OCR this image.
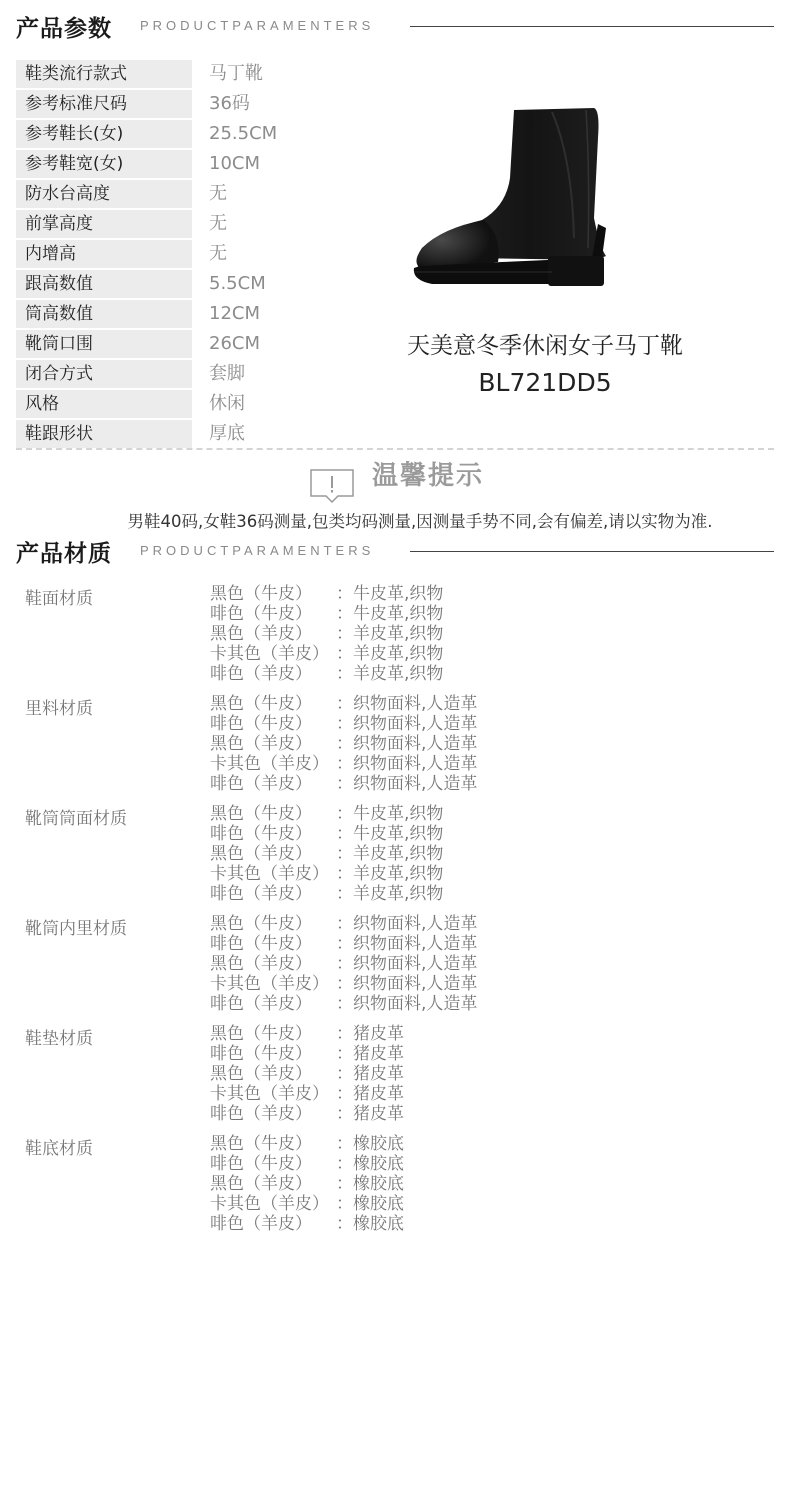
产品参数 PRODUCTPARAMENTERS
鞋类流行款式	马丁靴
参考标准尺码	36码
参考鞋长(女)	25.5CM
参考鞋宽(女)	10CM
防水台高度	无
前掌高度	无
内增高	无
跟高数值	5.5CM
筒高数值	12CM
靴筒口围	26CM
闭合方式	套脚
风格	休闲
鞋跟形状	厚底
天美意冬季休闲女子马丁靴
BL721DD5
温馨提示
男鞋40码,女鞋36码测量,包类均码测量,因测量手势不同,会有偏差,请以实物为准.
产品材质 PRODUCTPARAMENTERS
鞋面材质	黑色（牛皮） ：牛皮革,织物
啡色（牛皮） ：牛皮革,织物
黑色（羊皮） ：羊皮革,织物
卡其色（羊皮） ：羊皮革,织物
啡色（羊皮） ：羊皮革,织物
里料材质	黑色（牛皮） ：织物面料,人造革
啡色（牛皮） ：织物面料,人造革
黑色（羊皮） ：织物面料,人造革
卡其色（羊皮） ：织物面料,人造革
啡色（羊皮） ：织物面料,人造革
靴筒筒面材质	黑色（牛皮） ：牛皮革,织物
啡色（牛皮） ：牛皮革,织物
黑色（羊皮） ：羊皮革,织物
卡其色（羊皮） ：羊皮革,织物
啡色（羊皮） ：羊皮革,织物
靴筒内里材质	黑色（牛皮） ：织物面料,人造革
啡色（牛皮） ：织物面料,人造革
黑色（羊皮） ：织物面料,人造革
卡其色（羊皮） ：织物面料,人造革
啡色（羊皮） ：织物面料,人造革
鞋垫材质	黑色（牛皮） ：猪皮革
啡色（牛皮） ：猪皮革
黑色（羊皮） ：猪皮革
卡其色（羊皮） ：猪皮革
啡色（羊皮） ：猪皮革
鞋底材质	黑色（牛皮） ：橡胶底
啡色（牛皮） ：橡胶底
黑色（羊皮） ：橡胶底
卡其色（羊皮） ：橡胶底
啡色（羊皮） ：橡胶底
